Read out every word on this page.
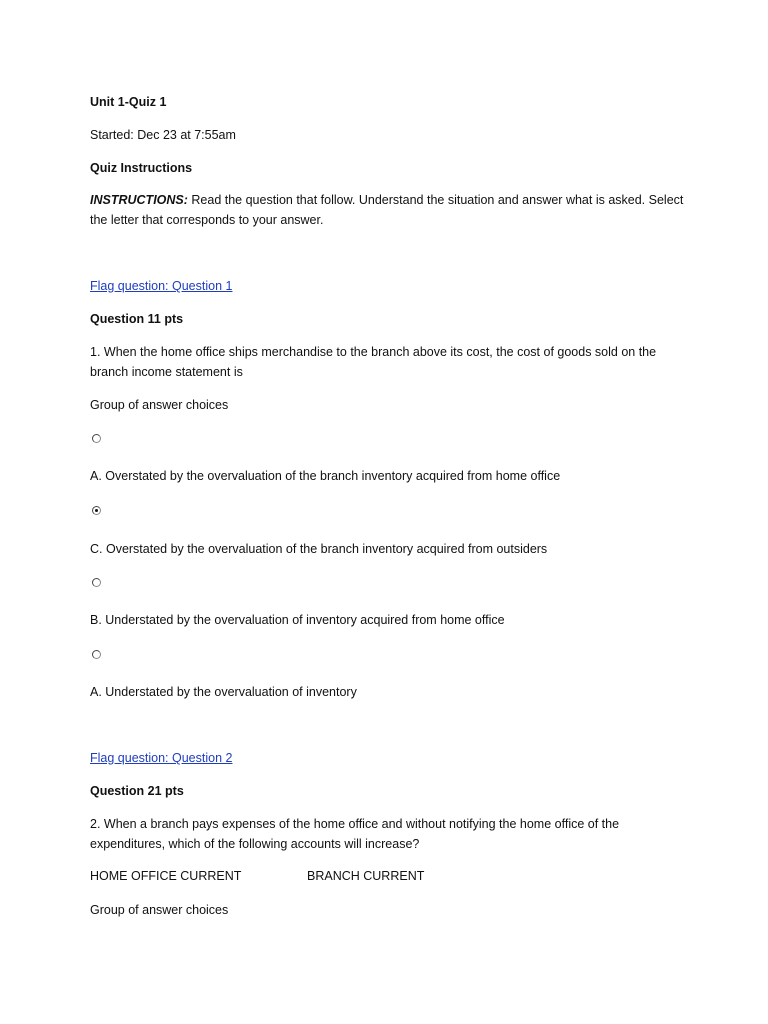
Unit 1-Quiz 1
Started: Dec 23 at 7:55am
Quiz Instructions
INSTRUCTIONS: Read the question that follow. Understand the situation and answer what is asked. Select the letter that corresponds to your answer.
Flag question: Question 1
Question 11 pts
1. When the home office ships merchandise to the branch above its cost, the cost of goods sold on the branch income statement is
Group of answer choices
A. Overstated by the overvaluation of the branch inventory acquired from home office
C. Overstated by the overvaluation of the branch inventory acquired from outsiders
B. Understated by the overvaluation of inventory acquired from home office
A. Understated by the overvaluation of inventory
Flag question: Question 2
Question 21 pts
2. When a branch pays expenses of the home office and without notifying the home office of the expenditures, which of the following accounts will increase?
HOME OFFICE CURRENT	BRANCH CURRENT
Group of answer choices
